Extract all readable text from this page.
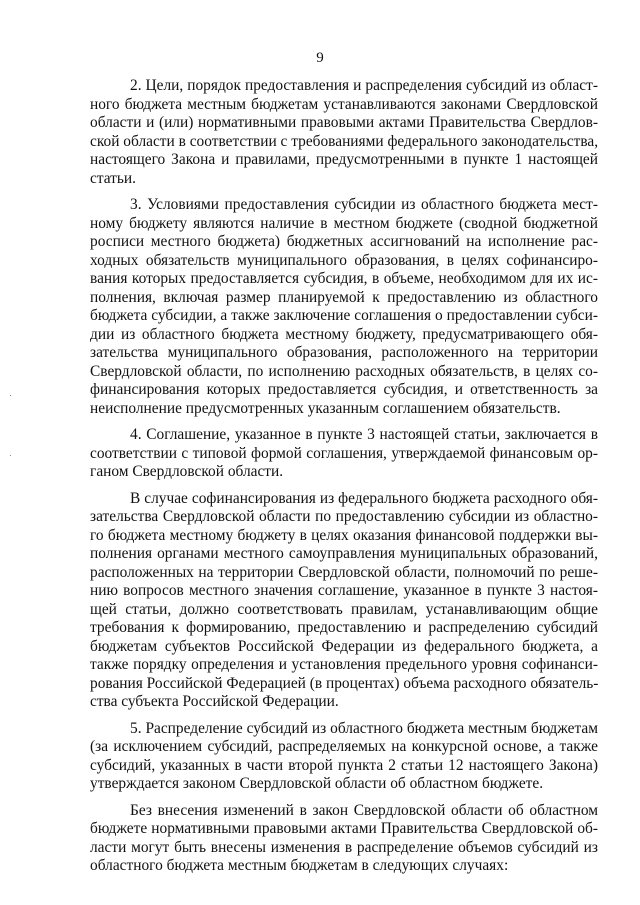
9

2. Цели, порядок предоставления и распределения субсидий из област-
ного бюджета местным бюджетам устанавливаются законами Свердловской
области и (или) нормативными правовыми актами Правительства Свердлов-
ской области в соответствии с требованиями федерального законодательства,
настоящего Закона и правилами, предусмотренными в пункте 1 настоящей
статьи.

3. Условиями предоставления субсидии из областного бюджета мест-
ному бюджету являются наличие в местном бюджете (сводной бюджетной
росписи местного бюджета) бюджетных ассигнований на исполнение рас-
ходных обязательств муниципального образования, в целях софинансиро-
вания которых предоставляется субсидия, в объеме, необходимом для их ис-
полнения, включая размер планируемой к предоставлению из областного
бюджета субсидии, а также заключение соглашения о предоставлении субси-
дии из областного бюджета местному бюджету, предусматривающего обя-
зательства муниципального образования, расположенного на территории
Свердловской области, по исполнению расходных обязательств, в целях со-
финансирования которых предоставляется субсидия, и ответственность за
неисполнение предусмотренных указанным соглашением обязательств.

4. Соглашение, указанное в пункте 3 настоящей статьи, заключается в
соответствии с типовой формой соглашения, утверждаемой финансовым ор-
ганом Свердловской области.

В случае софинансирования из федерального бюджета расходного обя-
зательства Свердловской области по предоставлению субсидии из областно-
го бюджета местному бюджету в целях оказания финансовой поддержки вы-
полнения органами местного самоуправления муниципальных образований,
расположенных на территории Свердловской области, полномочий по реше-
нию вопросов местного значения соглашение, указанное в пункте 3 настоя-
щей статьи, должно соответствовать правилам, устанавливающим общие
требования к формированию, предоставлению и распределению субсидий
бюджетам субъектов Российской Федерации из федерального бюджета, а
также порядку определения и установления предельного уровня софинанси-
рования Российской Федерацией (в процентах) объема расходного обязатель-
ства субъекта Российской Федерации.

5. Распределение субсидий из областного бюджета местным бюджетам
(за исключением субсидий, распределяемых на конкурсной основе, а также
субсидий, указанных в части второй пункта 2 статьи 12 настоящего Закона)
утверждается законом Свердловской области об областном бюджете.

Без внесения изменений в закон Свердловской области об областном
бюджете нормативными правовыми актами Правительства Свердловской об-
ласти могут быть внесены изменения в распределение объемов субсидий из
областного бюджета местным бюджетам в следующих случаях:
